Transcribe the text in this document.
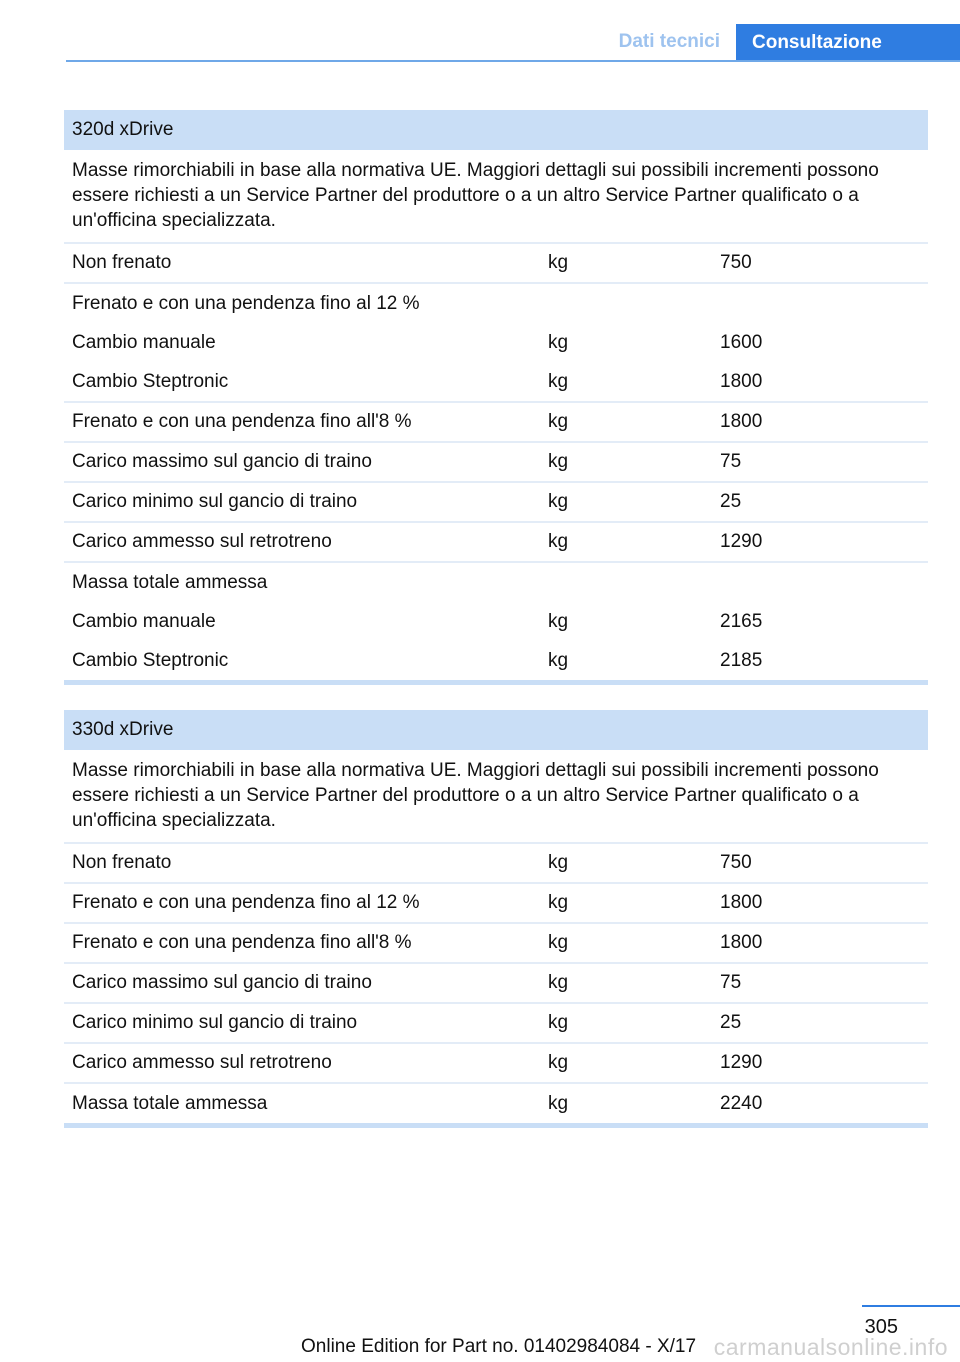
Dati tecnici	Consultazione
320d xDrive
Masse rimorchiabili in base alla normativa UE. Maggiori dettagli sui possibili incrementi possono essere richiesti a un Service Partner del produttore o a un altro Service Partner qualificato o a un'officina specializzata.
Non frenato	kg	750
Frenato e con una pendenza fino al 12 %
Cambio manuale	kg	1600
Cambio Steptronic	kg	1800
Frenato e con una pendenza fino all'8 %	kg	1800
Carico massimo sul gancio di traino	kg	75
Carico minimo sul gancio di traino	kg	25
Carico ammesso sul retrotreno	kg	1290
Massa totale ammessa
Cambio manuale	kg	2165
Cambio Steptronic	kg	2185
330d xDrive
Masse rimorchiabili in base alla normativa UE. Maggiori dettagli sui possibili incrementi possono essere richiesti a un Service Partner del produttore o a un altro Service Partner qualificato o a un'officina specializzata.
Non frenato	kg	750
Frenato e con una pendenza fino al 12 %	kg	1800
Frenato e con una pendenza fino all'8 %	kg	1800
Carico massimo sul gancio di traino	kg	75
Carico minimo sul gancio di traino	kg	25
Carico ammesso sul retrotreno	kg	1290
Massa totale ammessa	kg	2240
305
Online Edition for Part no. 01402984084 - X/17 carmanualsonline.info
